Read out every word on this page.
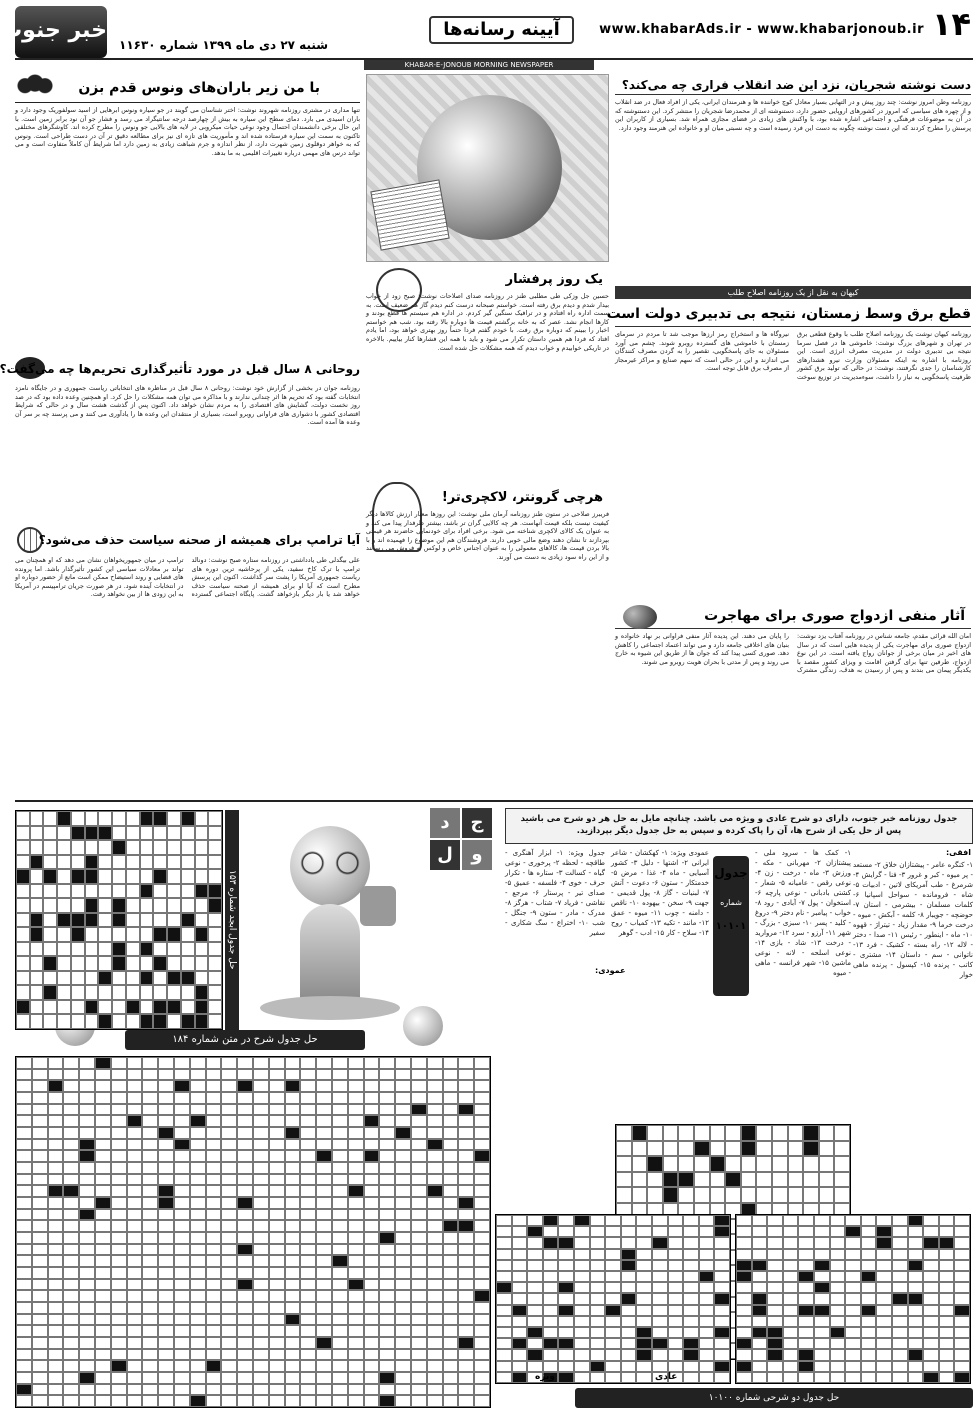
۱۴
www.khabarAds.ir - www.khabarjonoub.ir
آیینه رسانه‌ها
شنبه ۲۷ دی ماه ۱۳۹۹ شماره ۱۱۶۳۰
خبر جنوب
KHABAR-E-JONOUB MORNING NEWSPAPER
دست نوشته شجریان، نزد این ضد انقلاب فراری چه می‌کند؟
روزنامه وطن امروز نوشت: چند روز پیش و در التهابی بسیار معادل کوچ خواننده ها و هنرمندان ایرانی، یکی از افراد فعال در ضد انقلاب و از چهره های سیاسی که امروز در کشورهای اروپایی حضور دارد، دستنوشته ای از محمدرضا شجریان را منتشر کرد. این دستنوشته که در آن به موضوعات فرهنگی و اجتماعی اشاره شده بود، با واکنش های زیادی در فضای مجازی همراه شد. بسیاری از کاربران این پرسش را مطرح کردند که این دست نوشته چگونه به دست این فرد رسیده است و چه نسبتی میان او و خانواده این هنرمند وجود دارد.
کیهان به نقل از یک روزنامه اصلاح طلب
قطع برق وسط زمستان، نتیجه بی تدبیری دولت است
روزنامه کیهان نوشت یک روزنامه اصلاح طلب با وقوع قطعی برق در تهران و شهرهای بزرگ نوشت: خاموشی ها در فصل سرما نتیجه بی تدبیری دولت در مدیریت مصرف انرژی است. این روزنامه با اشاره به اینکه مسئولان وزارت نیرو هشدارهای کارشناسان را جدی نگرفتند، نوشت: در حالی که تولید برق کشور ظرفیت پاسخگویی به نیاز را داشت، سوءمدیریت در توزیع سوخت نیروگاه ها و استخراج رمز ارزها موجب شد تا مردم در سرمای زمستان با خاموشی های گسترده روبرو شوند. چشم می آورد مسئولان به جای پاسخگویی، تقصیر را به گردن مصرف کنندگان می اندازند و این در حالی است که سهم صنایع و مراکز غیرمجاز از مصرف برق قابل توجه است.
آثار منفی ازدواج صوری برای مهاجرت
امان الله قرائی مقدم، جامعه شناس در روزنامه آفتاب یزد نوشت: ازدواج صوری برای مهاجرت یکی از پدیده هایی است که در سال های اخیر در میان برخی از جوانان رواج یافته است. در این نوع ازدواج، طرفین تنها برای گرفتن اقامت و ویزای کشور مقصد با یکدیگر پیمان می بندند و پس از رسیدن به هدف، زندگی مشترک را پایان می دهند. این پدیده آثار منفی فراوانی بر نهاد خانواده و بنیان های اخلاقی جامعه دارد و می تواند اعتماد اجتماعی را کاهش دهد. صوری کسی پیدا کند که جوان ها از طریق این شیوه به خارج می روند و پس از مدتی با بحران هویت روبرو می شوند.
یک روز پرفشار
حسین جل وزکی طی مطلبی طنز در روزنامه صدای اصلاحات نوشت: صبح زود از خواب بیدار شدم و دیدم برق رفته است. خواستم صبحانه درست کنم دیدم گاز هم ضعیف است. به سمت اداره راه افتادم و در ترافیک سنگین گیر کردم. در اداره هم سیستم ها قطع بودند و کارها انجام نشد. عصر که به خانه برگشتم قیمت ها دوباره بالا رفته بود. شب هم خواستم اخبار را ببینم که دوباره برق رفت. با خودم گفتم فردا حتماً روز بهتری خواهد بود، اما یادم افتاد که فردا هم همین داستان تکرار می شود و باید با همه این فشارها کنار بیاییم. بالاخره در تاریکی خوابیدم و خواب دیدم که همه مشکلات حل شده است.
هرچی گرونتر، لاکچری‌تر!
فریبرز صلاحی در ستون طنز روزنامه آرمان ملی نوشت: این روزها معیار ارزش کالاها دیگر کیفیت نیست بلکه قیمت آنهاست. هر چه کالایی گران تر باشد، بیشتر طرفدار پیدا می کند و به عنوان یک کالای لاکچری شناخته می شود. برخی افراد برای خودنمایی حاضرند هر قیمتی بپردازند تا نشان دهند وضع مالی خوبی دارند. فروشندگان هم این موضوع را فهمیده اند و با بالا بردن قیمت ها، کالاهای معمولی را به عنوان اجناس خاص و لوکس به فروش می رسانند و از این راه سود زیادی به دست می آورند.
با من زیر باران‌های ونوس قدم بزن
تنها مداری در مشتری روزنامه شهروند نوشت: اختر شناسان می گویند در جو سیاره ونوس ابرهایی از اسید سولفوریک وجود دارد و باران اسیدی می بارد. دمای سطح این سیاره به بیش از چهارصد درجه سانتیگراد می رسد و فشار جو آن نود برابر زمین است. با این حال برخی دانشمندان احتمال وجود نوعی حیات میکروبی در لایه های بالایی جو ونوس را مطرح کرده اند. کاوشگرهای مختلفی تاکنون به سمت این سیاره فرستاده شده اند و مأموریت های تازه ای نیز برای مطالعه دقیق تر آن در دست طراحی است. ونوس که به خواهر دوقلوی زمین شهرت دارد، از نظر اندازه و جرم شباهت زیادی به زمین دارد اما شرایط آن کاملاً متفاوت است و می تواند درس های مهمی درباره تغییرات اقلیمی به ما بدهد.
روحانی ۸ سال قبل در مورد تأثیرگذاری تحریم‌ها چه می‌گفت؟
روزنامه جوان در بخشی از گزارش خود نوشت: روحانی ۸ سال قبل در مناظره های انتخاباتی ریاست جمهوری و در جایگاه نامزد انتخابات گفته بود که تحریم ها اثر چندانی ندارند و با مذاکره می توان همه مشکلات را حل کرد. او همچنین وعده داده بود که در صد روز نخست دولت، گشایش های اقتصادی را به مردم نشان خواهد داد. اکنون پس از گذشت هشت سال و در حالی که شرایط اقتصادی کشور با دشواری های فراوانی روبرو است، بسیاری از منتقدان این وعده ها را یادآوری می کنند و می پرسند چه بر سر آن وعده ها آمده است.
آیا ترامپ برای همیشه از صحنه سیاست حذف می‌شود؟
علی بیگدلی طی یادداشتی در روزنامه ستاره صبح نوشت: دونالد ترامپ با ترک کاخ سفید، یکی از پرحاشیه ترین دوره های ریاست جمهوری آمریکا را پشت سر گذاشت. اکنون این پرسش مطرح است که آیا او برای همیشه از صحنه سیاست حذف خواهد شد یا بار دیگر بازخواهد گشت. پایگاه اجتماعی گسترده ترامپ در میان جمهوریخواهان نشان می دهد که او همچنان می تواند بر معادلات سیاسی این کشور تأثیرگذار باشد. اما پرونده های قضایی و روند استیضاح ممکن است مانع از حضور دوباره او در انتخابات آینده شود. در هر صورت جریان ترامپیسم در آمریکا به این زودی ها از بین نخواهد رفت.
جدول روزنامه خبر جنوب، دارای دو شرح عادی و ویژه می باشد. چنانچه مایل به حل هر دو شرح می باشید پس از حل یکی از شرح ها، آن را پاک کرده و سپس به حل جدول دیگر بپردازید.
افقی:
۱- کنگره عامر - پیشتازان خلاق ۲- مستعد - پر میوه - کبر و غرور ۳- فنا - گرایش ۴- شرمرغ - طب آمریکای لاتین - ادبیات ۵- شاه - فرومانده - سواحل اسپانیا ۶- کلمات مسلمان - بیشرمی - استان ۷- حوضچه - جویبار ۸- کلمه - آبکش - میوه - درخت خرما ۹- مقدار زیاد - تیتراژ - قهوه ۱۰- ماه - اینطور - رئیس ۱۱- صدا - دختر - لاله ۱۲- راه بسته - کشیک - فرد ۱۳- ناتوانی - سم - داستان ۱۴- مشتری - کاتب - پرنده ۱۵- کپسول - پرنده ماهی خوار
جدول
شماره
۱۰۱۰۱
۱- کمک ها - سرود ملی - پیشتازان ۲- مهربانی - مکه - ورزش ۳- ماه - درخت - زن ۴- نوعی رقص - عامیانه ۵- شعار - کشتی بادبانی - نوعی پارچه ۶- استخوان - پول ۷- آبادی - رود ۸- خواب - پیامبر - نام دختر ۹- دروغ - کلید - پسر ۱۰- سبزی - بزرگ - شهر ۱۱- آرزو - سرد ۱۲- مروارید - درخت ۱۳- شاد - بازی ۱۴- نوعی اسلحه - لانه - نوعی ماشین ۱۵- شهر فرانسه - ماهی - میوه
عمودی:
جدول ویژه: ۱- ابزار آهنگری - طاقچه - لحظه ۲- پرخوری - نوعی گیاه - کسالت ۳- ستاره ها - تکرار حرف - خوی ۴- فلسفه - عمیق ۵- صدای تیر - پرستار ۶- مرجع - نقاشی - فریاد ۷- شتاب - هرگز ۸- مدرک - مادر - ستون ۹- جنگل - شب ۱۰- اختراع - سگ شکاری - سفیر
عمودی ویژه: ۱- کهکشان - شاعر ایرانی ۲- اشتها - دلیل ۳- کشور آسیایی - ماه ۴- غذا - مرض ۵- خدمتکار - ستون ۶- دعوت - آتش ۷- لبنیات - گاز ۸- پول قدیمی - جهت ۹- سخن - بیهوده ۱۰- ناقص - دامنه - چوب ۱۱- میوه - عمق ۱۲- مانند - تکیه ۱۳- کمیاب - روح ۱۴- سلاح - کار ۱۵- ادب - گوهر
حل جدول دو شرحی شماره ۱۰۱۰۰
عادی
ویژه
ج
د
و
ل
حل جدول ابجد شماره ۱۵۳
حل جدول شرح در متن شماره ۱۸۴
